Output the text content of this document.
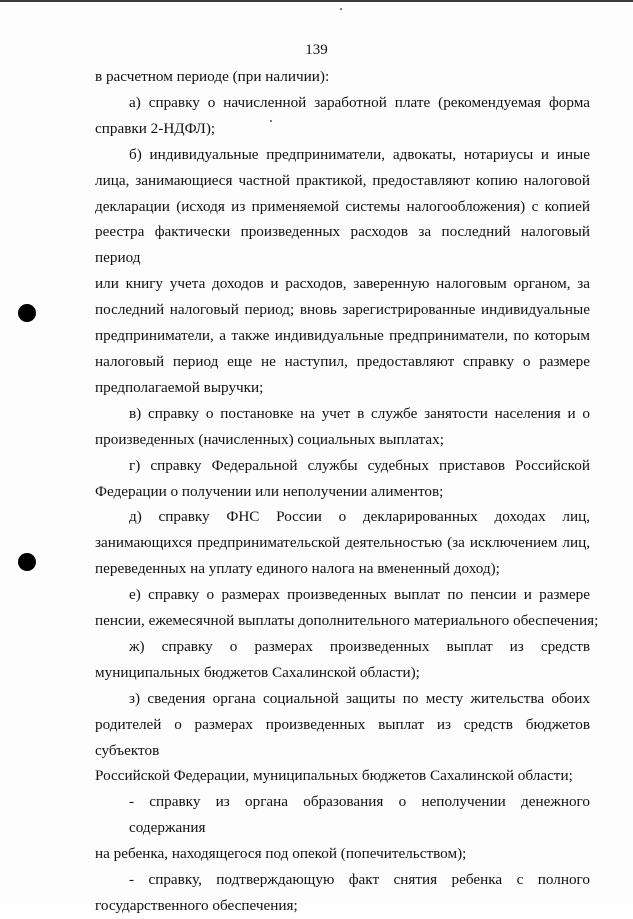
139
в расчетном периоде (при наличии):
а) справку о начисленной заработной плате (рекомендуемая форма
справки 2-НДФЛ);
б) индивидуальные предприниматели, адвокаты, нотариусы и иные
лица, занимающиеся частной практикой, предоставляют копию налоговой
декларации (исходя из применяемой системы налогообложения) с копией
реестра фактически произведенных расходов за последний налоговый период
или книгу учета доходов и расходов, заверенную налоговым органом, за
последний налоговый период; вновь зарегистрированные индивидуальные
предприниматели, а также индивидуальные предприниматели, по которым
налоговый период еще не наступил, предоставляют справку о размере
предполагаемой выручки;
в) справку о постановке на учет в службе занятости населения и о
произведенных (начисленных) социальных выплатах;
г) справку Федеральной службы судебных приставов Российской
Федерации о получении или неполучении алиментов;
д) справку ФНС России о декларированных доходах лиц,
занимающихся предпринимательской деятельностью (за исключением лиц,
переведенных на уплату единого налога на вмененный доход);
е) справку о размерах произведенных выплат по пенсии и размере
пенсии, ежемесячной выплаты дополнительного материального обеспечения;
ж) справку о размерах произведенных выплат из средств
муниципальных бюджетов Сахалинской области);
з) сведения органа социальной защиты по месту жительства обоих
родителей о размерах произведенных выплат из средств бюджетов субъектов
Российской Федерации, муниципальных бюджетов Сахалинской области;
- справку из органа образования о неполучении денежного содержания
на ребенка, находящегося под опекой (попечительством);
- справку, подтверждающую факт снятия ребенка с полного
государственного обеспечения;
